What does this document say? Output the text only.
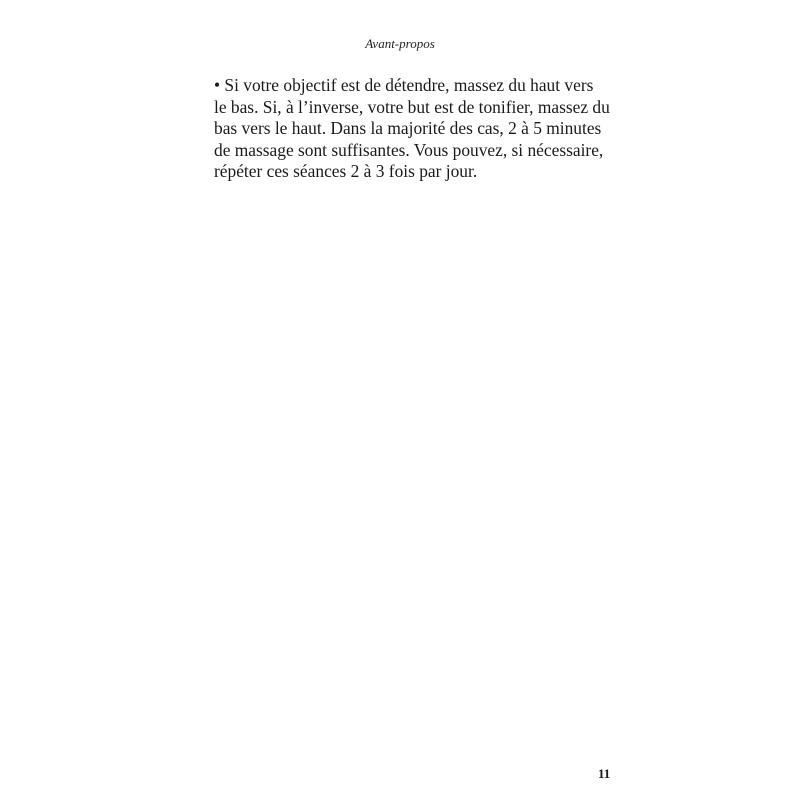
Avant-propos

• Si votre objectif est de détendre, massez du haut vers
le bas. Si, à l’inverse, votre but est de tonifier, massez du
bas vers le haut. Dans la majorité des cas, 2 à 5 minutes
de massage sont suffisantes. Vous pouvez, si nécessaire,
répéter ces séances 2 à 3 fois par jour.

11
